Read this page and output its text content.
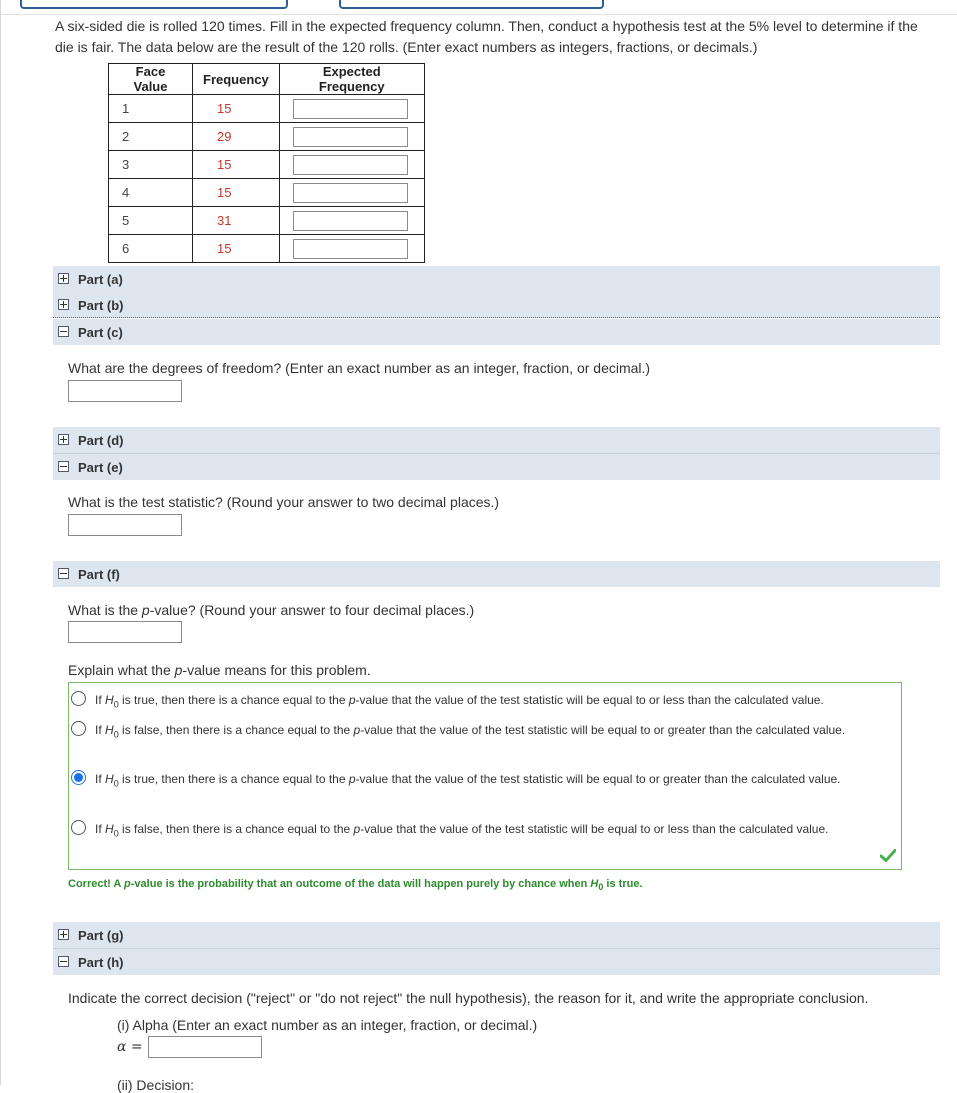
A six-sided die is rolled 120 times. Fill in the expected frequency column. Then, conduct a hypothesis test at the 5% level to determine if the die is fair. The data below are the result of the 120 rolls. (Enter exact numbers as integers, fractions, or decimals.)
Face Value	Frequency	Expected Frequency
1	15	

2	29	

3	15	

4	15	

5	31	

6	15	
Part (a)
Part (b)
Part (c)
What are the degrees of freedom? (Enter an exact number as an integer, fraction, or decimal.)
Part (d)
Part (e)
What is the test statistic? (Round your answer to two decimal places.)
Part (f)
What is the p-value? (Round your answer to four decimal places.)
Explain what the p-value means for this problem.
If $H_0$ is true, then there is a chance equal to the p-value that the value of the test statistic will be equal to or less than the calculated value.
If $H_0$ is false, then there is a chance equal to the p-value that the value of the test statistic will be equal to or greater than the calculated value.
If $H_0$ is true, then there is a chance equal to the p-value that the value of the test statistic will be equal to or greater than the calculated value.
If $H_0$ is false, then there is a chance equal to the p-value that the value of the test statistic will be equal to or less than the calculated value.
Correct! A p-value is the probability that an outcome of the data will happen purely by chance when $H_0$ is true.
Part (g)
Part (h)
Indicate the correct decision ("reject" or "do not reject" the null hypothesis), the reason for it, and write the appropriate conclusion.
(i) Alpha (Enter an exact number as an integer, fraction, or decimal.)
α =
(ii) Decision:
